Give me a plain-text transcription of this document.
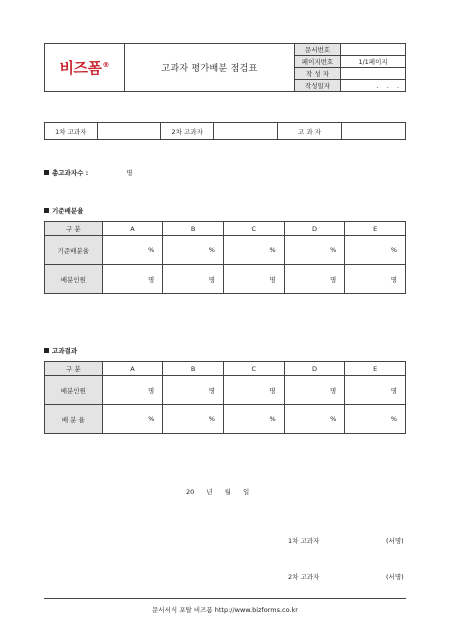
비즈폼 ®	고과자 평가배분 점검표	문서번호	
		페이지번호	1/1페이지
		작 성 자	
		작성일자	. . .
1차 고과자		2차 고과자		고 과 자	
총고과자수 :	명
기준배분율
구 분	A	B	C	D	E
기준배분율	%	%	%	%	%
배분인원	명	명	명	명	명
고과결과
구 분	A	B	C	D	E
배분인원	명	명	명	명	명
배 분 율	%	%	%	%	%
20 년 월 일
1차 고과자	(서명)
2차 고과자	(서명)
문서서식 포탈 비즈폼 http://www.bizforms.co.kr
